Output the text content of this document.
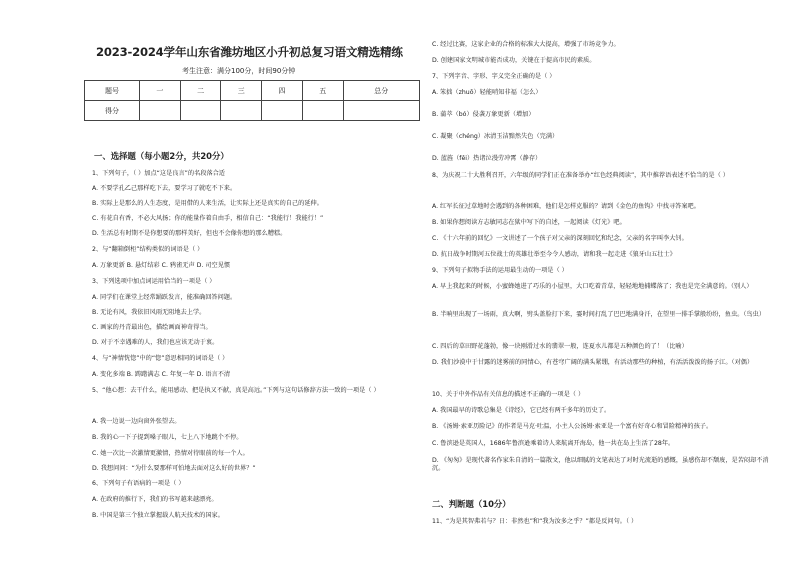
2023-2024学年山东省潍坊地区小升初总复习语文精选精练
考生注意：满分100分，时间90分钟
题号	一	二	三	四	五	总分
得分						
一、选择题（每小题2分，共20分）
1、下列句子，（ ）加点“这是良言”的名段落合适
A. 不要学孔乙己那样吃下去，要学习了就吃不下来。
B. 实际上是那么的人生态度，是用借的人来生活，让实际上还是真实的自己的延伸。
C. 有花自有香，不必大风扬；你的能量作着自由手，相信自己：“我能行！我能行！”
D. 生活总有时期不是你想要的那样美好，但也不会像你想的那么糟糕。
2、与“翻箱倒柜”结构类似的词语是（ ）
A. 万象更新 B. 悬灯结彩 C. 鸦雀无声 D. 司空见惯
3、下列选项中加点词运用恰当的一项是（ ）
A. 同学们在课堂上经常踊跃发言，能准确回答问题。
B. 无论有风，我依旧风雨无阻地去上学。
C. 画家的丹青最出色，描绘画面神奇得当。
D. 对于不幸遇难的人，我们也应该无动于衷。
4、与“神情恍惚”中的“惚”意思相同的词语是（ ）
A. 变化多端 B. 踌躇满志 C. 年复一年 D. 语言不清
5、“他心想：去干什么，能用感动、把是执又不献，真是高远。”下列与这句话修辞方法一致的一项是（ ）
A. 我一边说一边向窗外张望去。
B. 我的心一下子提到嗓子眼儿，七上八下地跳个不停。
C. 她一次比一次激情更激情，热情对待眼前的每一个人。
D. 我想问问：“为什么要那样可怕地去面对这么好的世界？”
6、下列句子有语病的一项是（ ）
A. 在政府的推行下，我们的书写越来越漂亮。
B. 中国是第三个独立掌握载人航天技术的国家。
C. 经过比赛，这家企业的合格的标准大大提高，增强了市场竞争力。
D. 创建国家文明城市能否成功，关键在于提高市民的素质。
7、下列字音、字形、字义完全正确的是（ ）
A. 笨拙（zhuō）轻能哨知非福（怎么）
B. 蒲萃（bó）侵袭万象更新（增加）
C. 凝聚（chéng）冰清玉洁黯然失色（完满）
D. 蓝旌（fěi）热诸泣漫劳冲霄（静存）
8、为庆祝二十大胜利召开，六年级的同学们正在准备举办“红色经典阅读”，其中推荐语表述不恰当的是（ ）
A. 红军长征过草地时会遇到的各种困难，他们是怎样克服的？请到《金色的鱼钩》中找寻答案吧。
B. 如果你想阅读方志敏同志在狱中写下的自述，一起阅读《灯光》吧。
C. 《十六年前的回忆》一文讲述了一个孩子对父亲的深刻回忆和纪念，父亲的名字叫李大钊。
D. 抗日战争时期河五位战士的英雄壮举至今令人感动，请和我一起走进《狼牙山五壮士》
9、下列句子拟物手法的运用最生动的一项是（ ）
A. 早上我起来的时候，小蜜蜂她进了巧乐的小屋里，大口吃着青草，轻轻地地捕蝶落了；我也是完全满意的。（别人）
B. 半响里出现了一场雨，真大啊，劈头盖脸打下来，霎时间打乱了巴巴地满身汗，在望里一排手掌般纷纷，鱼虫。（鸟虫）
C. 四后的草田野花蓬勃，像一块刚滑过水的翡翠一般，连夏水儿都是五种颜色的了！（比喻）
D. 我们沙漠中于甘露的迷雾前的同情心，有苍穹广阔的满头紧绷，有活动那些的种植，有活活泼泼的扬子江。（对偶）
10、关于中外作品有关信息的描述不正确的一项是（ ）
A. 我国最早的诗歌总集是《诗经》，它已经有两千多年的历史了。
B. 《汤姆·索亚历险记》的作者是马克·吐温，小主人公汤姆·索亚是一个富有好奇心和冒险精神的孩子。
C. 鲁滨逊是英国人，1686年鲁滨逊乘着诗人来航离开海岛，他一共在岛上生活了28年。
D. 《匆匆》是现代著名作家朱自清的一篇散文，他以细腻的文笔表达了对时光流逝的感慨，虽感伤却不颓废，是苦闷却不消沉。
二、判断题（10分）
11、“为是其智弗若与？日：非然也”和“我为汝多之乎？”都是反问句。（ ）
